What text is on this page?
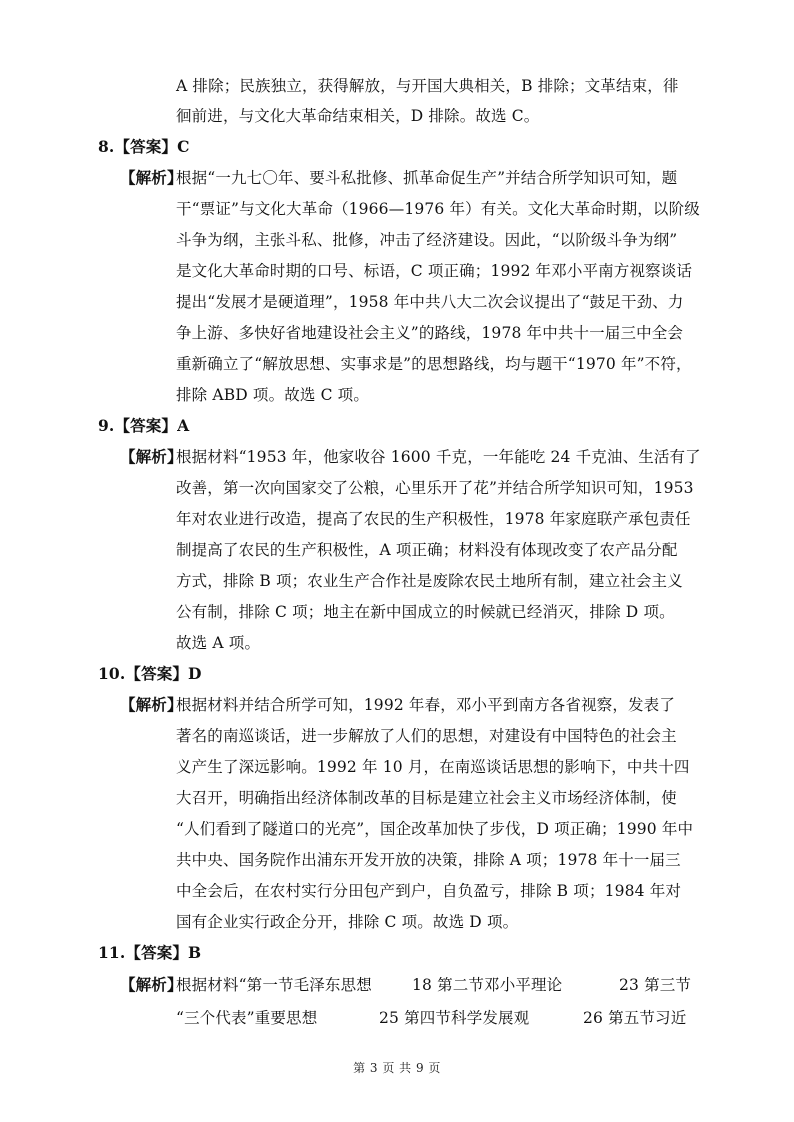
A 排除；民族独立，获得解放，与开国大典相关，B 排除；文革结束，徘
徊前进，与文化大革命结束相关，D 排除。故选 C。
8.【答案】C
【解析】
根据“一九七〇年、要斗私批修、抓革命促生产”并结合所学知识可知，题
干“票证”与文化大革命（1966—1976 年）有关。文化大革命时期，以阶级
斗争为纲，主张斗私、批修，冲击了经济建设。因此，“以阶级斗争为纲”
是文化大革命时期的口号、标语，C 项正确；1992 年邓小平南方视察谈话
提出“发展才是硬道理”，1958 年中共八大二次会议提出了“鼓足干劲、力
争上游、多快好省地建设社会主义”的路线，1978 年中共十一届三中全会
重新确立了“解放思想、实事求是”的思想路线，均与题干“1970 年”不符，
排除 ABD 项。故选 C 项。
9.【答案】A
【解析】
根据材料“1953 年，他家收谷 1600 千克，一年能吃 24 千克油、生活有了
改善，第一次向国家交了公粮，心里乐开了花”并结合所学知识可知，1953
年对农业进行改造，提高了农民的生产积极性，1978 年家庭联产承包责任
制提高了农民的生产积极性，A 项正确；材料没有体现改变了农产品分配
方式，排除 B 项；农业生产合作社是废除农民土地所有制，建立社会主义
公有制，排除 C 项；地主在新中国成立的时候就已经消灭，排除 D 项。
故选 A 项。
10.【答案】D
【解析】
根据材料并结合所学可知，1992 年春，邓小平到南方各省视察，发表了
著名的南巡谈话，进一步解放了人们的思想，对建设有中国特色的社会主
义产生了深远影响。1992 年 10 月，在南巡谈话思想的影响下，中共十四
大召开，明确指出经济体制改革的目标是建立社会主义市场经济体制，使
“人们看到了隧道口的光亮”，国企改革加快了步伐，D 项正确；1990 年中
共中央、国务院作出浦东开发开放的决策，排除 A 项；1978 年十一届三
中全会后，在农村实行分田包产到户，自负盈亏，排除 B 项；1984 年对
国有企业实行政企分开，排除 C 项。故选 D 项。
11.【答案】B
【解析】
根据材料“第一节毛泽东思想	18 第二节邓小平理论	23 第三节
“三个代表”重要思想	25 第四节科学发展观	26 第五节习近
第 3 页 共 9 页
